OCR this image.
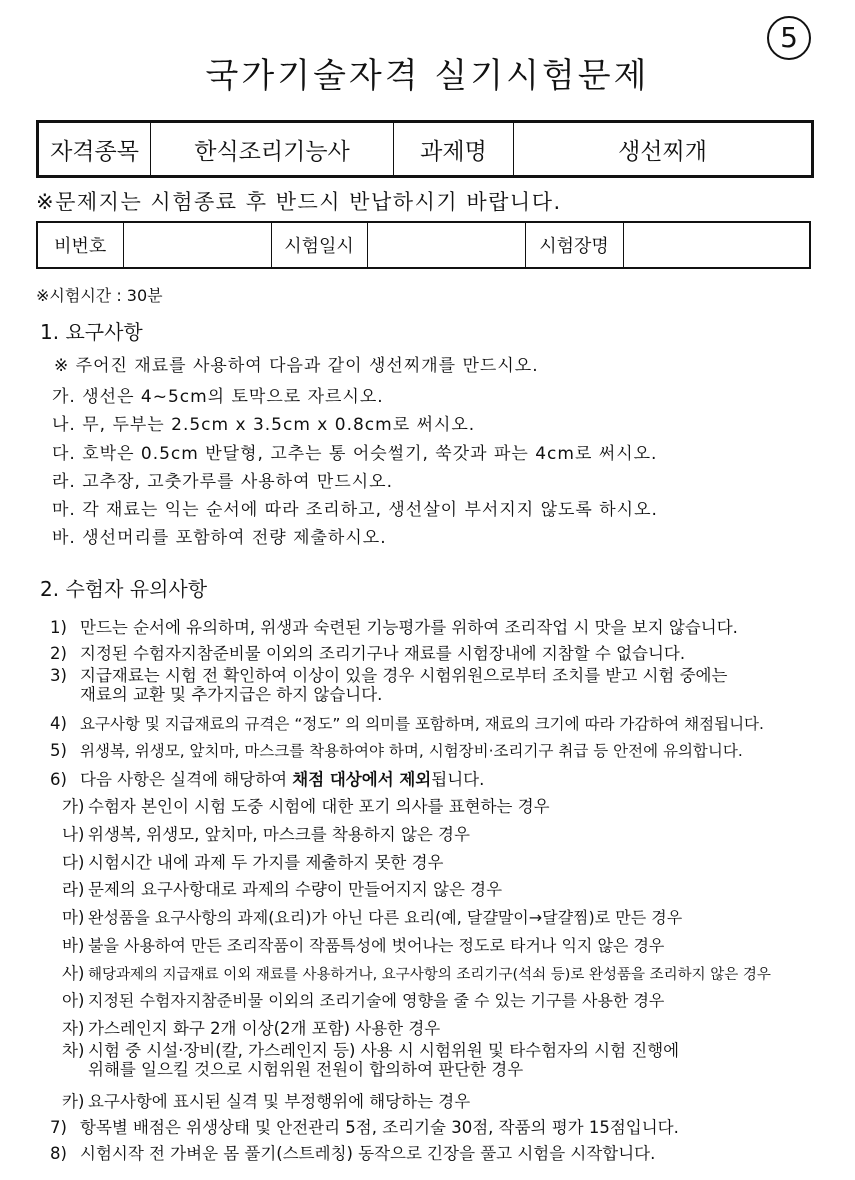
5
국가기술자격 실기시험문제
자격종목	한식조리기능사	과제명	생선찌개
※문제지는 시험종료 후 반드시 반납하시기 바랍니다.
비번호		시험일시		시험장명	
※시험시간 : 30분
1. 요구사항
※ 주어진 재료를 사용하여 다음과 같이 생선찌개를 만드시오.
가. 생선은 4~5cm의 토막으로 자르시오.
나. 무, 두부는 2.5cm x 3.5cm x 0.8cm로 써시오.
다. 호박은 0.5cm 반달형, 고추는 통 어슷썰기, 쑥갓과 파는 4cm로 써시오.
라. 고추장, 고춧가루를 사용하여 만드시오.
마. 각 재료는 익는 순서에 따라 조리하고, 생선살이 부서지지 않도록 하시오.
바. 생선머리를 포함하여 전량 제출하시오.
2. 수험자 유의사항
1) 만드는 순서에 유의하며, 위생과 숙련된 기능평가를 위하여 조리작업 시 맛을 보지 않습니다.
2) 지정된 수험자지참준비물 이외의 조리기구나 재료를 시험장내에 지참할 수 없습니다.
3) 지급재료는 시험 전 확인하여 이상이 있을 경우 시험위원으로부터 조치를 받고 시험 중에는
재료의 교환 및 추가지급은 하지 않습니다.
4) 요구사항 및 지급재료의 규격은 “정도” 의 의미를 포함하며, 재료의 크기에 따라 가감하여 채점됩니다.
5) 위생복, 위생모, 앞치마, 마스크를 착용하여야 하며, 시험장비·조리기구 취급 등 안전에 유의합니다.
6) 다음 사항은 실격에 해당하여 채점 대상에서 제외됩니다.
가) 수험자 본인이 시험 도중 시험에 대한 포기 의사를 표현하는 경우
나) 위생복, 위생모, 앞치마, 마스크를 착용하지 않은 경우
다) 시험시간 내에 과제 두 가지를 제출하지 못한 경우
라) 문제의 요구사항대로 과제의 수량이 만들어지지 않은 경우
마) 완성품을 요구사항의 과제(요리)가 아닌 다른 요리(예, 달걀말이→달걀찜)로 만든 경우
바) 불을 사용하여 만든 조리작품이 작품특성에 벗어나는 정도로 타거나 익지 않은 경우
사) 해당과제의 지급재료 이외 재료를 사용하거나, 요구사항의 조리기구(석쇠 등)로 완성품을 조리하지 않은 경우
아) 지정된 수험자지참준비물 이외의 조리기술에 영향을 줄 수 있는 기구를 사용한 경우
자) 가스레인지 화구 2개 이상(2개 포함) 사용한 경우
차) 시험 중 시설·장비(칼, 가스레인지 등) 사용 시 시험위원 및 타수험자의 시험 진행에
위해를 일으킬 것으로 시험위원 전원이 합의하여 판단한 경우
카) 요구사항에 표시된 실격 및 부정행위에 해당하는 경우
7) 항목별 배점은 위생상태 및 안전관리 5점, 조리기술 30점, 작품의 평가 15점입니다.
8) 시험시작 전 가벼운 몸 풀기(스트레칭) 동작으로 긴장을 풀고 시험을 시작합니다.
